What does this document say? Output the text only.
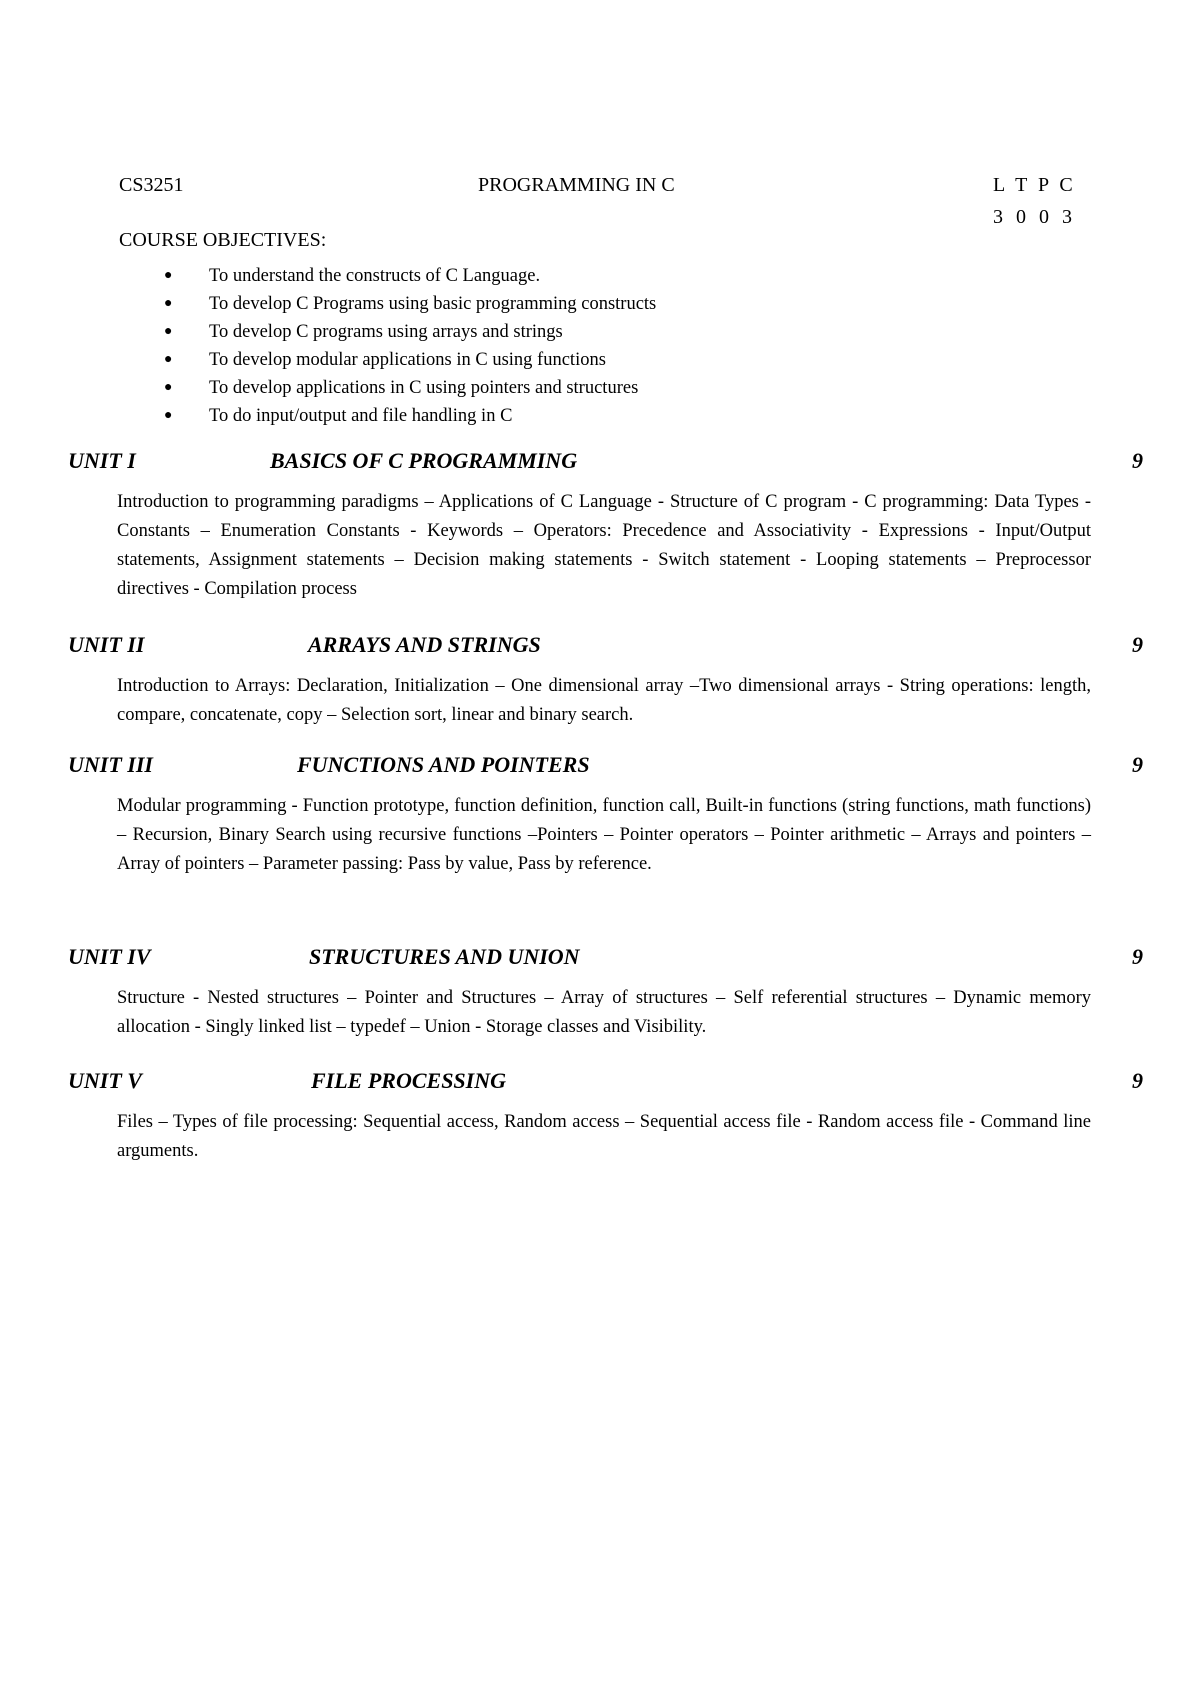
CS3251	PROGRAMMING IN C	L T P C
3 0 0 3
COURSE OBJECTIVES:
● To understand the constructs of C Language.
● To develop C Programs using basic programming constructs
● To develop C programs using arrays and strings
● To develop modular applications in C using functions
● To develop applications in C using pointers and structures
● To do input/output and file handling in C
UNIT I	BASICS OF C PROGRAMMING	9

Introduction to programming paradigms – Applications of C Language - Structure of C program - C programming: Data Types - Constants – Enumeration Constants - Keywords – Operators: Precedence and Associativity - Expressions - Input/Output statements, Assignment statements – Decision making statements - Switch statement - Looping statements – Preprocessor directives - Compilation process

UNIT II	ARRAYS AND STRINGS	9

Introduction to Arrays: Declaration, Initialization – One dimensional array –Two dimensional arrays - String operations: length, compare, concatenate, copy – Selection sort, linear and binary search.

UNIT III	FUNCTIONS AND POINTERS	9

Modular programming - Function prototype, function definition, function call, Built-in functions (string functions, math functions) – Recursion, Binary Search using recursive functions –Pointers – Pointer operators – Pointer arithmetic – Arrays and pointers – Array of pointers – Parameter passing: Pass by value, Pass by reference.

UNIT IV	STRUCTURES AND UNION	9

Structure - Nested structures – Pointer and Structures – Array of structures – Self referential structures – Dynamic memory allocation - Singly linked list – typedef – Union - Storage classes and Visibility.

UNIT V	FILE PROCESSING	9

Files – Types of file processing: Sequential access, Random access – Sequential access file - Random access file - Command line arguments.
